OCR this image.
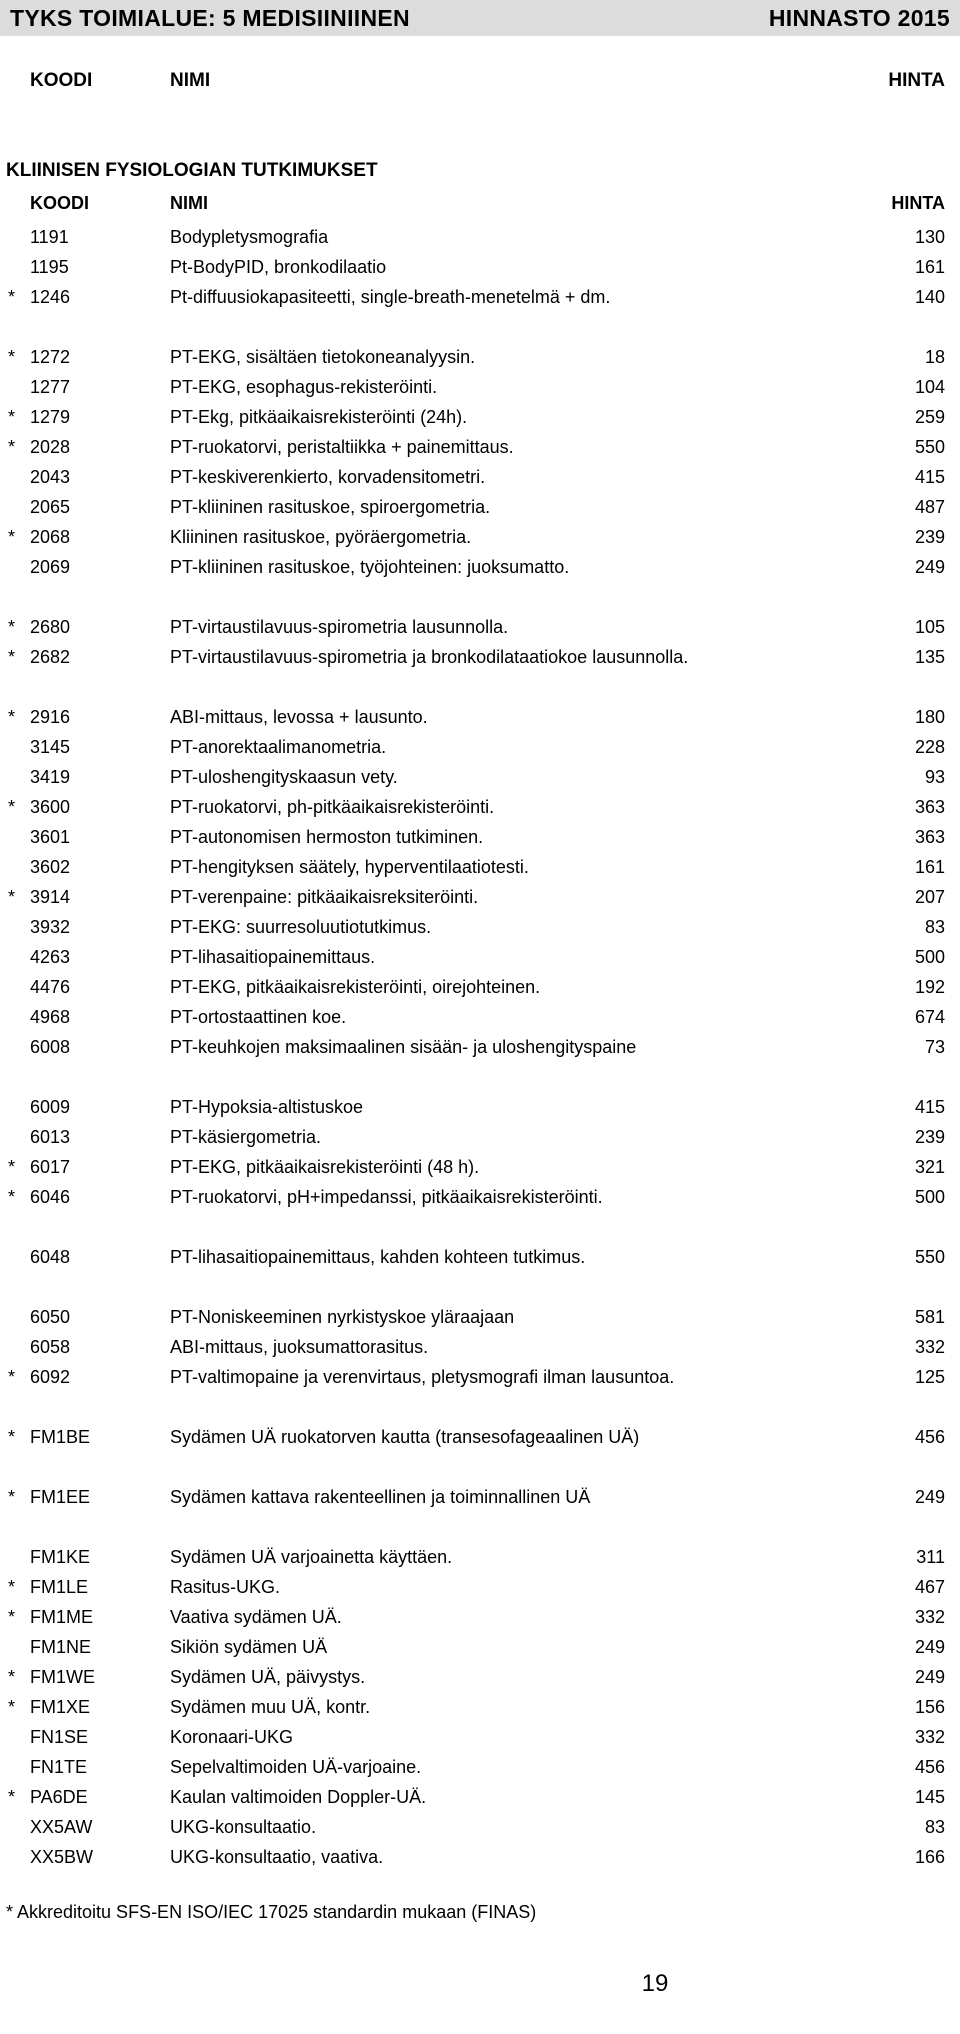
TYKS TOIMIALUE: 5 MEDISIINIINEN	HINNASTO 2015
KOODI	NIMI	HINTA
KLIINISEN FYSIOLOGIAN TUTKIMUKSET
KOODI	NIMI	HINTA
1191	Bodypletysmografia	130
1195	Pt-BodyPID, bronkodilaatio	161
* 1246	Pt-diffuusiokapasiteetti, single-breath-menetelmä + dm.	140
* 1272	PT-EKG, sisältäen tietokoneanalyysin.	18
1277	PT-EKG, esophagus-rekisteröinti.	104
* 1279	PT-Ekg, pitkäaikaisrekisteröinti (24h).	259
* 2028	PT-ruokatorvi, peristaltiikka + painemittaus.	550
2043	PT-keskiverenkierto, korvadensitometri.	415
2065	PT-kliininen rasituskoe, spiroergometria.	487
* 2068	Kliininen rasituskoe, pyöräergometria.	239
2069	PT-kliininen rasituskoe, työjohteinen: juoksumatto.	249
* 2680	PT-virtaustilavuus-spirometria lausunnolla.	105
* 2682	PT-virtaustilavuus-spirometria ja bronkodilataatiokoe lausunnolla.	135
* 2916	ABI-mittaus, levossa + lausunto.	180
3145	PT-anorektaalimanometria.	228
3419	PT-uloshengityskaasun vety.	93
* 3600	PT-ruokatorvi, ph-pitkäaikaisrekisteröinti.	363
3601	PT-autonomisen hermoston tutkiminen.	363
3602	PT-hengityksen säätely, hyperventilaatiotesti.	161
* 3914	PT-verenpaine: pitkäaikaisreksiteröinti.	207
3932	PT-EKG: suurresoluutiotutkimus.	83
4263	PT-lihasaitiopainemittaus.	500
4476	PT-EKG, pitkäaikaisrekisteröinti, oirejohteinen.	192
4968	PT-ortostaattinen koe.	674
6008	PT-keuhkojen maksimaalinen sisään- ja uloshengityspaine	73
6009	PT-Hypoksia-altistuskoe	415
6013	PT-käsiergometria.	239
* 6017	PT-EKG, pitkäaikaisrekisteröinti (48 h).	321
* 6046	PT-ruokatorvi, pH+impedanssi, pitkäaikaisrekisteröinti.	500
6048	PT-lihasaitiopainemittaus, kahden kohteen tutkimus.	550
6050	PT-Noniskeeminen nyrkistyskoe yläraajaan	581
6058	ABI-mittaus, juoksumattorasitus.	332
* 6092	PT-valtimopaine ja verenvirtaus, pletysmografi ilman lausuntoa.	125
* FM1BE	Sydämen UÄ ruokatorven kautta (transesofageaalinen UÄ)	456
* FM1EE	Sydämen kattava rakenteellinen ja toiminnallinen UÄ	249
FM1KE	Sydämen UÄ varjoainetta käyttäen.	311
* FM1LE	Rasitus-UKG.	467
* FM1ME	Vaativa sydämen UÄ.	332
FM1NE	Sikiön sydämen UÄ	249
* FM1WE	Sydämen UÄ, päivystys.	249
* FM1XE	Sydämen muu UÄ, kontr.	156
FN1SE	Koronaari-UKG	332
FN1TE	Sepelvaltimoiden UÄ-varjoaine.	456
* PA6DE	Kaulan valtimoiden Doppler-UÄ.	145
XX5AW	UKG-konsultaatio.	83
XX5BW	UKG-konsultaatio, vaativa.	166
* Akkreditoitu SFS-EN ISO/IEC 17025 standardin mukaan (FINAS)
19
